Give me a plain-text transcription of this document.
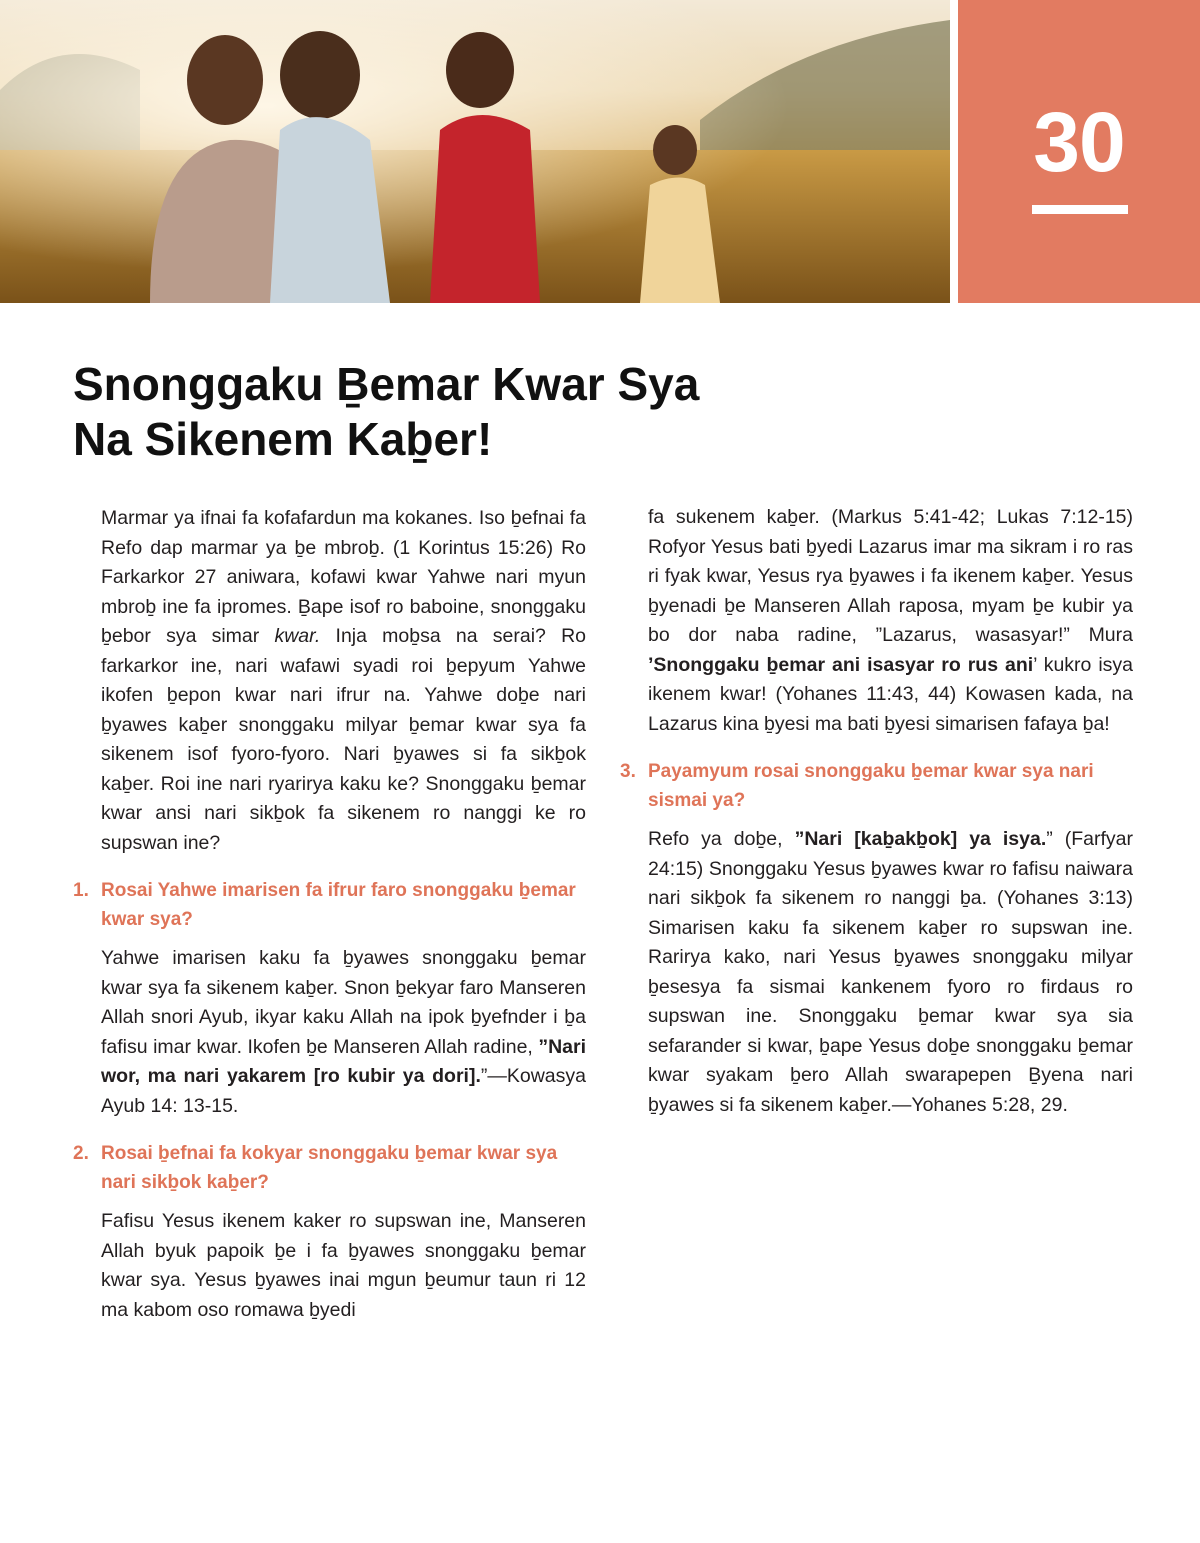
30
Snonggaku Ḇemar Kwar Sya
Na Sikenem Kaḇer!

Marmar ya ifnai fa kofafardun ma kokanes. Iso ḇefnai fa Refo dap marmar ya ḇe mbroḇ. (1 Korintus 15:26) Ro Farkarkor 27 aniwara, kofawi kwar Yahwe nari myun mbroḇ ine fa ipromes. Ḇape isof ro baboine, snonggaku ḇebor sya simar kwar. Inja moḇsa na serai? Ro farkarkor ine, nari wafawi syadi roi ḇepyum Yahwe ikofen ḇepon kwar nari ifrur na. Yahwe doḇe nari ḇyawes kaḇer snonggaku milyar ḇemar kwar sya fa sikenem isof fyoro-fyoro. Nari ḇyawes si fa sikḇok kaḇer. Roi ine nari ryarirya kaku ke? Snonggaku ḇemar kwar ansi nari sikḇok fa sikenem ro nanggi ke ro supswan ine?

1. Rosai Yahwe imarisen fa ifrur faro snonggaku ḇemar kwar sya?

Yahwe imarisen kaku fa ḇyawes snonggaku ḇemar kwar sya fa sikenem kaḇer. Snon ḇekyar faro Manseren Allah snori Ayub, ikyar kaku Allah na ipok ḇyefnder i ḇa fafisu imar kwar. Ikofen ḇe Manseren Allah radine, ”Nari wor, ma nari yakarem [ro kubir ya dori].”—Kowasya Ayub 14: 13-15.

2. Rosai ḇefnai fa kokyar snonggaku ḇemar kwar sya nari sikḇok kaḇer?

Fafisu Yesus ikenem kaker ro supswan ine, Manseren Allah byuk papoik ḇe i fa ḇyawes snonggaku ḇemar kwar sya. Yesus ḇyawes inai mgun ḇeumur taun ri 12 ma kabom oso romawa ḇyedi

fa sukenem kaḇer. (Markus 5:41-42; Lukas 7:12-15) Rofyor Yesus bati ḇyedi Lazarus imar ma sikram i ro ras ri fyak kwar, Yesus rya ḇyawes i fa ikenem kaḇer. Yesus ḇyenadi ḇe Manseren Allah raposa, myam ḇe kubir ya bo dor naba radine, ”Lazarus, wasasyar!” Mura ’Snonggaku ḇemar ani isasyar ro rus ani’ kukro isya ikenem kwar! (Yohanes 11:43, 44) Kowasen kada, na Lazarus kina ḇyesi ma bati ḇyesi simarisen fafaya ḇa!

3. Payamyum rosai snonggaku ḇemar kwar sya nari sismai ya?

Refo ya doḇe, ”Nari [kaḇakḇok] ya isya.” (Farfyar 24:15) Snonggaku Yesus ḇyawes kwar ro fafisu naiwara nari sikḇok fa sikenem ro nanggi ḇa. (Yohanes 3:13) Simarisen kaku fa sikenem kaḇer ro supswan ine. Rarirya kako, nari Yesus ḇyawes snonggaku milyar ḇesesya fa sismai kankenem fyoro ro firdaus ro supswan ine. Snonggaku ḇemar kwar sya sia sefarander si kwar, ḇape Yesus doḇe snonggaku ḇemar kwar syakam ḇero Allah swarapepen Ḇyena nari ḇyawes si fa sikenem kaḇer.—Yohanes 5:28, 29.
